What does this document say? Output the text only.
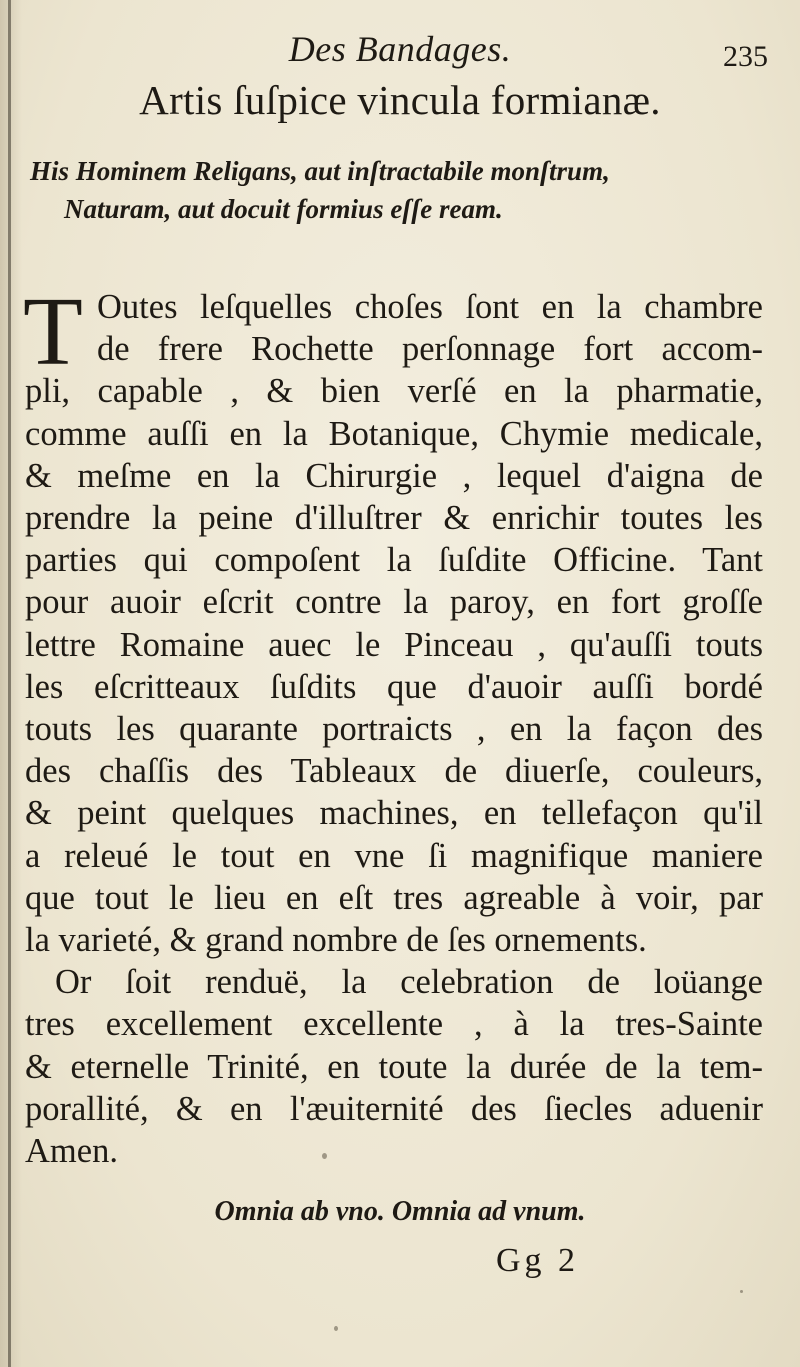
Des Bandages.	235
Artis ſuſpice vincula formianæ.
His Hominem Religans, aut inſtractabile monſtrum,
Naturam, aut docuit formius eſſe ream.
T Outes leſquelles choſes ſont en la chambre
de frere Rochette perſonnage fort accom-
pli, capable , & bien verſé en la pharmatie,
comme auſſi en la Botanique, Chymie medicale,
& meſme en la Chirurgie , lequel d'aigna de
prendre la peine d'illuſtrer & enrichir toutes les
parties qui compoſent la ſuſdite Officine. Tant
pour auoir eſcrit contre la paroy, en fort groſſe
lettre Romaine auec le Pinceau , qu'auſſi touts
les eſcritteaux ſuſdits que d'auoir auſſi bordé
touts les quarante portraicts , en la façon des
des chaſſis des Tableaux de diuerſe, couleurs,
& peint quelques machines, en tellefaçon qu'il
a releué le tout en vne ſi magnifique maniere
que tout le lieu en eſt tres agreable à voir, par
la varieté, & grand nombre de ſes ornements.
Or ſoit renduë, la celebration de loüange
tres excellement excellente , à la tres-Sainte
& eternelle Trinité, en toute la durée de la tem-
porallité, & en l'æuiternité des ſiecles aduenir
Amen.
Omnia ab vno. Omnia ad vnum.
Gg 2
